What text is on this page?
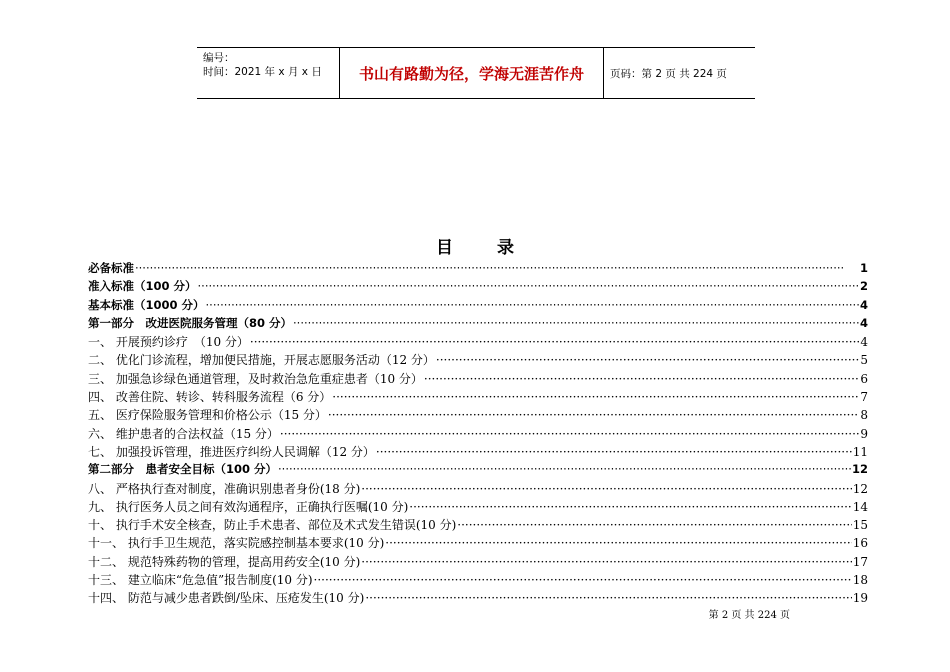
编号：
时间：2021 年 x 月 x 日	书山有路勤为径，学海无涯苦作舟 页码：第 2 页 共 224 页
目	录
必备标准 ·····	1
准入标准（100 分） ·····	2
基本标准（1000 分） ·····	4
第一部分　改进医院服务管理（80 分） ·····	4
一、 开展预约诊疗　（10 分） ·····	4
二、 优化门诊流程，增加便民措施，开展志愿服务活动（12 分） ·····	5
三、 加强急诊绿色通道管理，及时救治急危重症患者（10 分） ·····	6
四、 改善住院、转诊、转科服务流程（6 分） ·····	7
五、 医疗保险服务管理和价格公示（15 分） ·····	8
六、 维护患者的合法权益（15 分） ·····	9
七、 加强投诉管理，推进医疗纠纷人民调解（12 分） ·····	11
第二部分　患者安全目标（100 分） ·····	12
八、 严格执行查对制度，准确识别患者身份(18 分) ·····	12
九、 执行医务人员之间有效沟通程序，正确执行医嘱(10 分) ·····	14
十、 执行手术安全核查，防止手术患者、部位及术式发生错误(10 分) ·····	15
十一、 执行手卫生规范，落实院感控制基本要求(10 分) ·····	16
十二、 规范特殊药物的管理，提高用药安全(10 分) ·····	17
十三、 建立临床“危急值”报告制度(10 分) ·····	18
十四、 防范与减少患者跌倒/坠床、压疮发生(10 分) ·····	19
第 2 页 共 224 页
